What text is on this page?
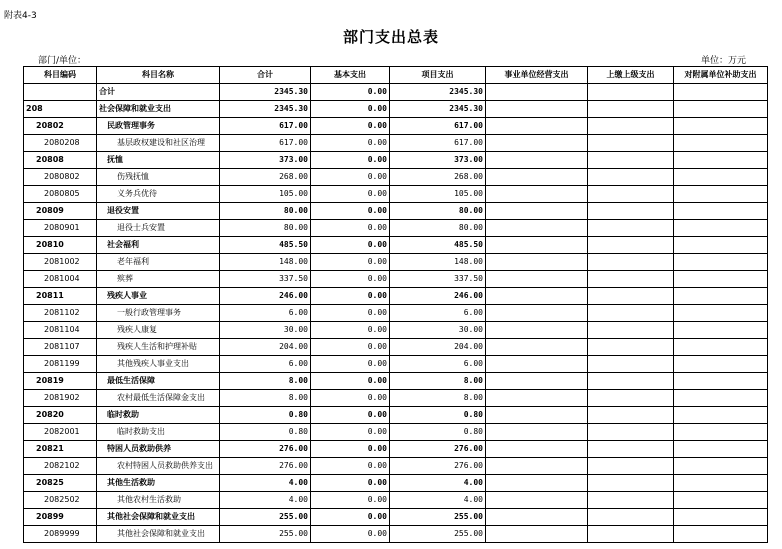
附表4-3
部门支出总表
部门/单位：	单位：万元
科目编码	科目名称	合计	基本支出	项目支出	事业单位经营支出	上缴上级支出	对附属单位补助支出
	合计	2345.30	0.00	2345.30			
208	社会保障和就业支出	2345.30	0.00	2345.30			
20802	民政管理事务	617.00	0.00	617.00			
2080208	基层政权建设和社区治理	617.00	0.00	617.00			
20808	抚恤	373.00	0.00	373.00			
2080802	伤残抚恤	268.00	0.00	268.00			
2080805	义务兵优待	105.00	0.00	105.00			
20809	退役安置	80.00	0.00	80.00			
2080901	退役士兵安置	80.00	0.00	80.00			
20810	社会福利	485.50	0.00	485.50			
2081002	老年福利	148.00	0.00	148.00			
2081004	殡葬	337.50	0.00	337.50			
20811	残疾人事业	246.00	0.00	246.00			
2081102	一般行政管理事务	6.00	0.00	6.00			
2081104	残疾人康复	30.00	0.00	30.00			
2081107	残疾人生活和护理补贴	204.00	0.00	204.00			
2081199	其他残疾人事业支出	6.00	0.00	6.00			
20819	最低生活保障	8.00	0.00	8.00			
2081902	农村最低生活保障金支出	8.00	0.00	8.00			
20820	临时救助	0.80	0.00	0.80			
2082001	临时救助支出	0.80	0.00	0.80			
20821	特困人员救助供养	276.00	0.00	276.00			
2082102	农村特困人员救助供养支出	276.00	0.00	276.00			
20825	其他生活救助	4.00	0.00	4.00			
2082502	其他农村生活救助	4.00	0.00	4.00			
20899	其他社会保障和就业支出	255.00	0.00	255.00			
2089999	其他社会保障和就业支出	255.00	0.00	255.00			
